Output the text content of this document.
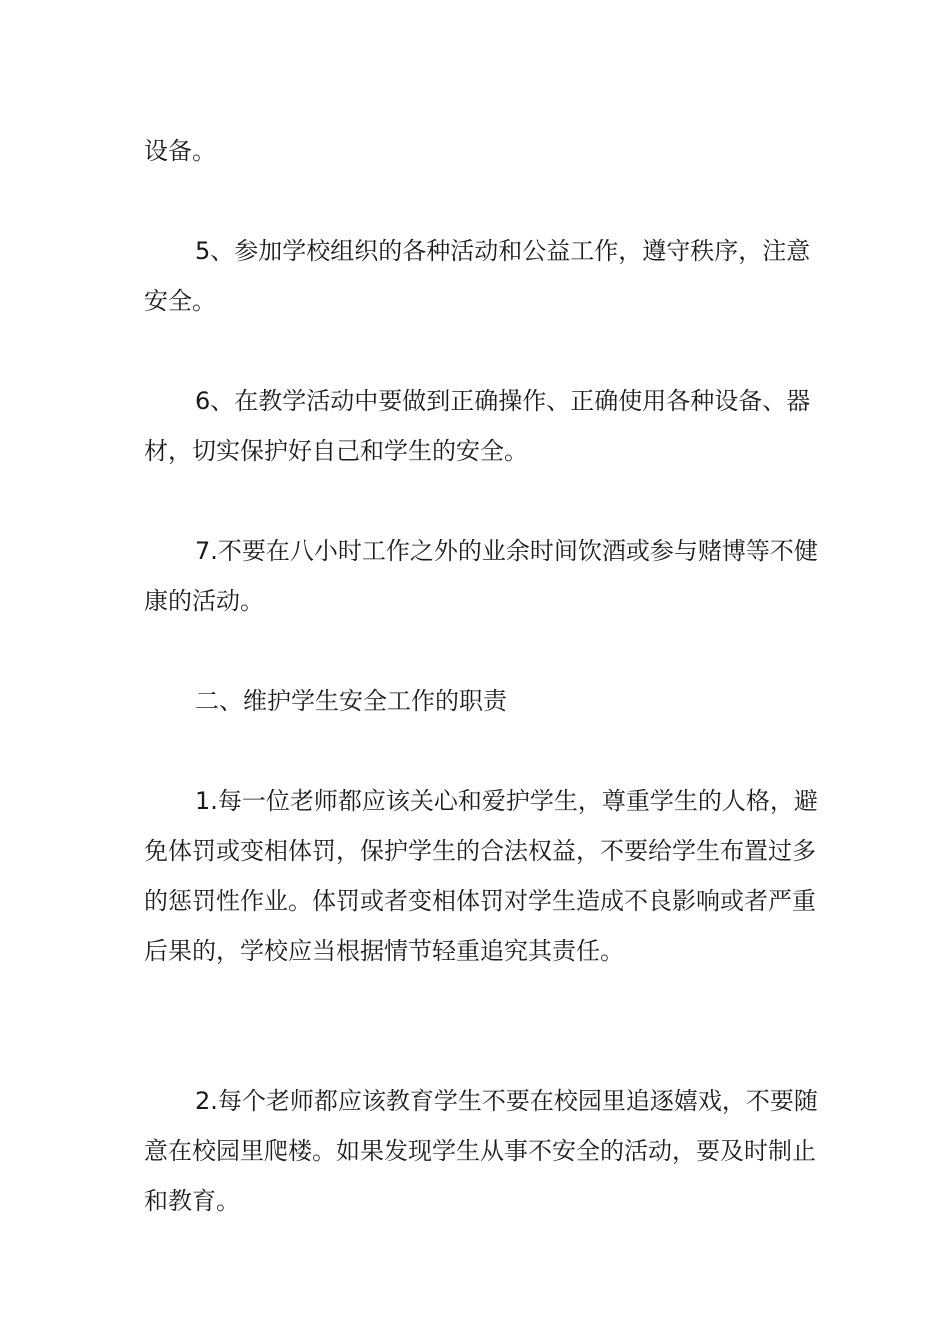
设备。

5、参加学校组织的各种活动和公益工作，遵守秩序，注意安全。

6、在教学活动中要做到正确操作、正确使用各种设备、器材，切实保护好自己和学生的安全。

7.不要在八小时工作之外的业余时间饮酒或参与赌博等不健康的活动。

二、维护学生安全工作的职责

1.每一位老师都应该关心和爱护学生，尊重学生的人格，避免体罚或变相体罚，保护学生的合法权益，不要给学生布置过多的惩罚性作业。体罚或者变相体罚对学生造成不良影响或者严重后果的，学校应当根据情节轻重追究其责任。

2.每个老师都应该教育学生不要在校园里追逐嬉戏，不要随意在校园里爬楼。如果发现学生从事不安全的活动，要及时制止和教育。
